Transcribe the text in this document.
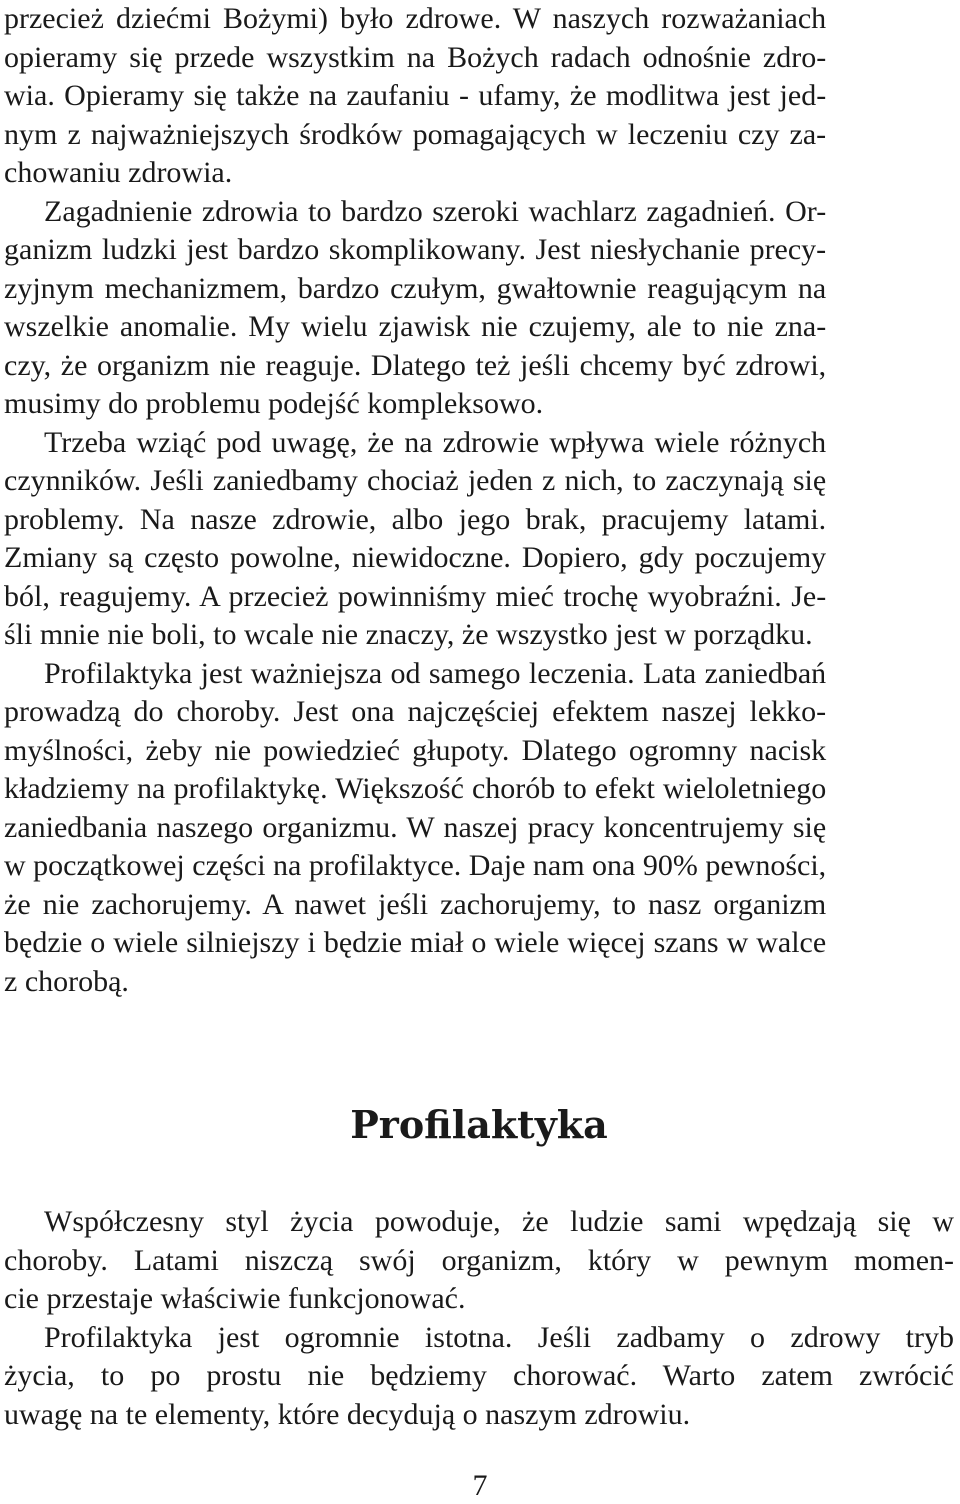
przecież dziećmi Bożymi) było zdrowe. W naszych rozważaniach
opieramy się przede wszystkim na Bożych radach odnośnie zdro-
wia. Opieramy się także na zaufaniu - ufamy, że modlitwa jest jed-
nym z najważniejszych środków pomagających w leczeniu czy za-
chowaniu zdrowia.

Zagadnienie zdrowia to bardzo szeroki wachlarz zagadnień. Or-
ganizm ludzki jest bardzo skomplikowany. Jest niesłychanie precy-
zyjnym mechanizmem, bardzo czułym, gwałtownie reagującym na
wszelkie anomalie. My wielu zjawisk nie czujemy, ale to nie zna-
czy, że organizm nie reaguje. Dlatego też jeśli chcemy być zdrowi,
musimy do problemu podejść kompleksowo.

Trzeba wziąć pod uwagę, że na zdrowie wpływa wiele różnych
czynników. Jeśli zaniedbamy chociaż jeden z nich, to zaczynają się
problemy. Na nasze zdrowie, albo jego brak, pracujemy latami.
Zmiany są często powolne, niewidoczne. Dopiero, gdy poczujemy
ból, reagujemy. A przecież powinniśmy mieć trochę wyobraźni. Je-
śli mnie nie boli, to wcale nie znaczy, że wszystko jest w porządku.

Profilaktyka jest ważniejsza od samego leczenia. Lata zaniedbań
prowadzą do choroby. Jest ona najczęściej efektem naszej lekko-
myślności, żeby nie powiedzieć głupoty. Dlatego ogromny nacisk
kładziemy na profilaktykę. Większość chorób to efekt wieloletniego
zaniedbania naszego organizmu. W naszej pracy koncentrujemy się
w początkowej części na profilaktyce. Daje nam ona 90% pewności,
że nie zachorujemy. A nawet jeśli zachorujemy, to nasz organizm
będzie o wiele silniejszy i będzie miał o wiele więcej szans w walce
z chorobą.

Profilaktyka

Współczesny styl życia powoduje, że ludzie sami wpędzają się w
choroby. Latami niszczą swój organizm, który w pewnym momen-
cie przestaje właściwie funkcjonować.

Profilaktyka jest ogromnie istotna. Jeśli zadbamy o zdrowy tryb
życia, to po prostu nie będziemy chorować. Warto zatem zwrócić
uwagę na te elementy, które decydują o naszym zdrowiu.

7
